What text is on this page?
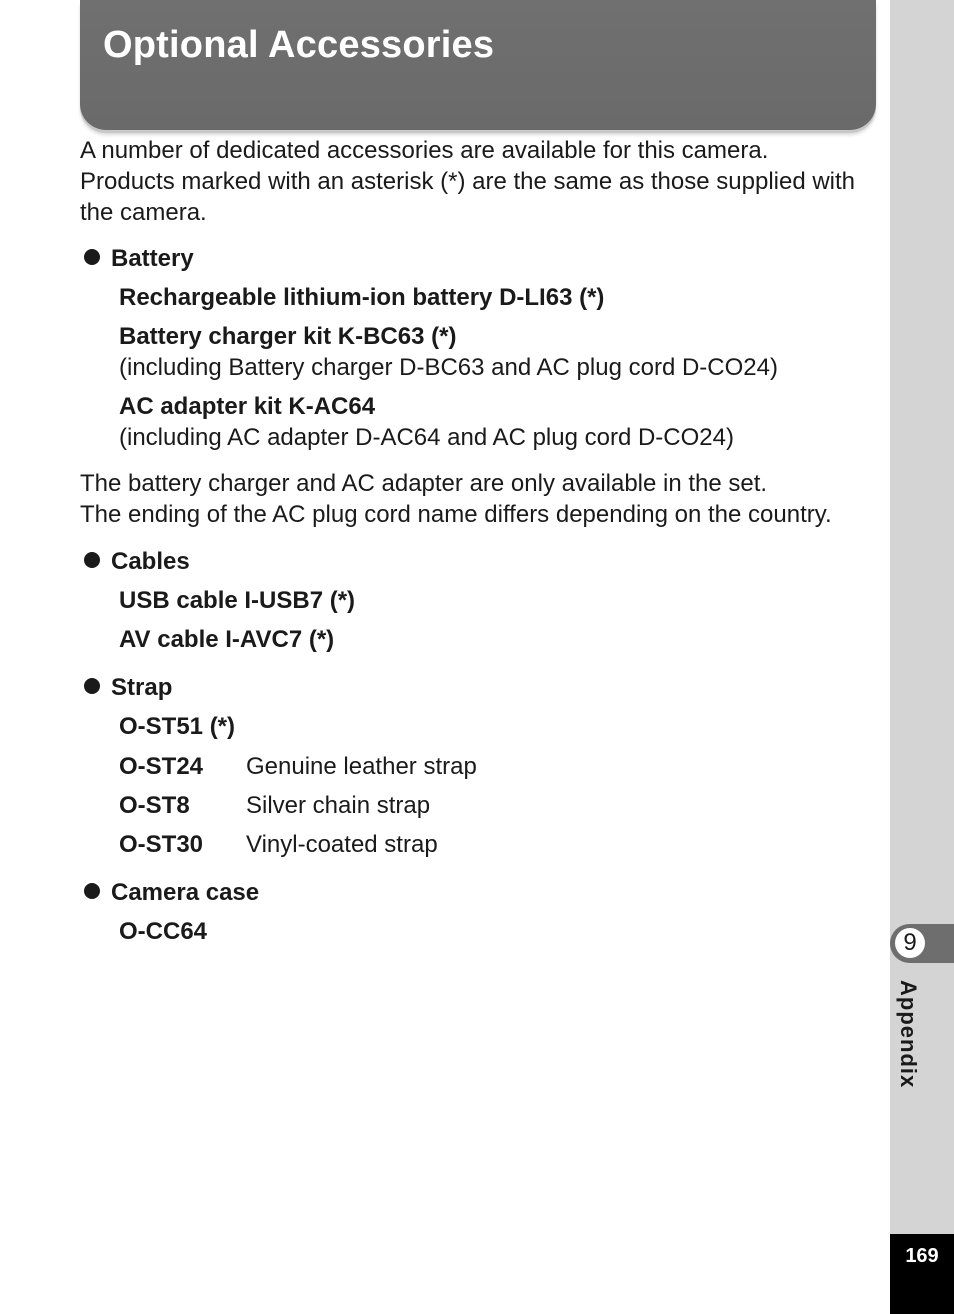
Optional Accessories
A number of dedicated accessories are available for this camera.
Products marked with an asterisk (*) are the same as those supplied with
the camera.
Battery
Rechargeable lithium-ion battery D-LI63 (*)
Battery charger kit K-BC63 (*)
(including Battery charger D-BC63 and AC plug cord D-CO24)
AC adapter kit K-AC64
(including AC adapter D-AC64 and AC plug cord D-CO24)
The battery charger and AC adapter are only available in the set.
The ending of the AC plug cord name differs depending on the country.
Cables
USB cable I-USB7 (*)
AV cable I-AVC7 (*)
Strap
O-ST51 (*)
O-ST24 Genuine leather strap
O-ST8 Silver chain strap
O-ST30 Vinyl-coated strap
Camera case
O-CC64	9
Appendix
169
